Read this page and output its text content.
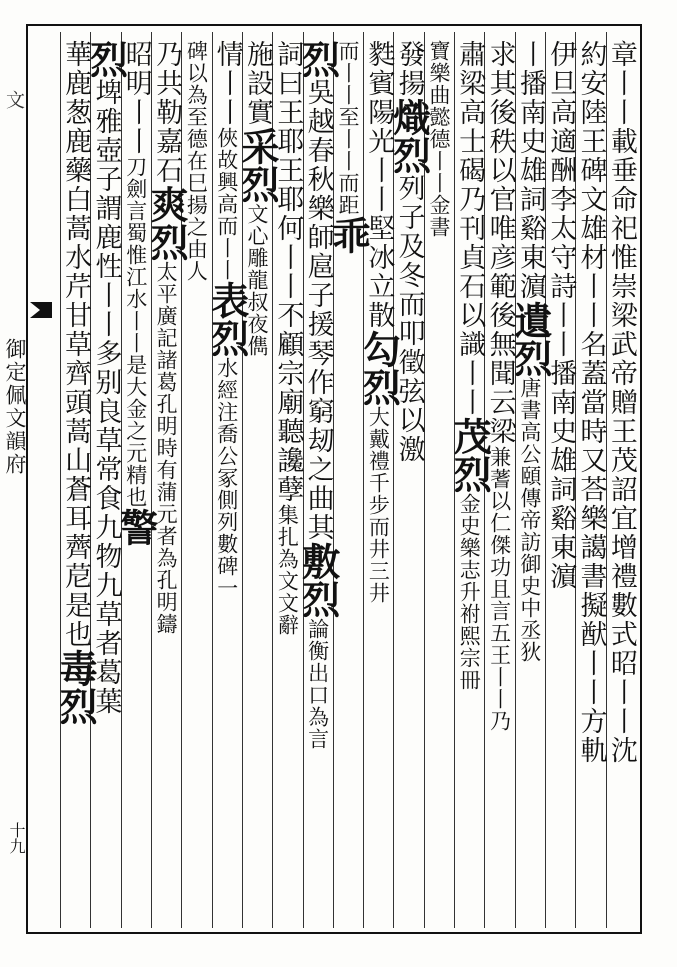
文
御定佩文韻府
十九
章丨丨載垂命祀惟崇梁武帝贈王茂詔宜增禮數式昭丨丨沈
約安陸王碑文雄材丨丨名蓋當時又荅樂譪書擬猷丨丨方軌
伊旦高適酬李太守詩丨丨播南史雄詞谿東濵
丨播南史雄詞谿東濵遺烈唐書高公頤傳帝訪御史中丞狄
求其後秩以官唯彦範後無聞云梁兼蓍以仁傑功且言五王丨丨乃
肅梁高士碣乃刊貞石以識丨丨茂烈金史樂志升祔熙宗冊
寶樂曲懿德丨丨金書
發揚熾烈列子及冬而叩徵弦以激
㽔賓陽光丨丨堅冰立散勾烈大戴禮千步而井三井
而丨丨至丨丨而距乖
烈吳越春秋樂師扈子援琴作窮刼之曲其敷烈論衡出口為言
詞曰王耶王耶何丨丨不顧宗廟聽讒孽集扎為文文辭
施設實采烈文心雕龍叔夜儁
情丨丨俠故興高而丨丨表烈水經注喬公冢側列數碑一
碑以為至德在巳揚之由人
乃共勒嘉石爽烈太平廣記諸葛孔明時有蒲元者為孔明鑄
昭明丨丨刀劍言蜀惟江水丨丨是大金之元精也警
烈埤雅壺子謂鹿性丨丨多别良草常食九物九草者葛葉
華鹿葱鹿藥白蒿水芹甘草齊頭蒿山蒼耳薺苨是也毒烈
